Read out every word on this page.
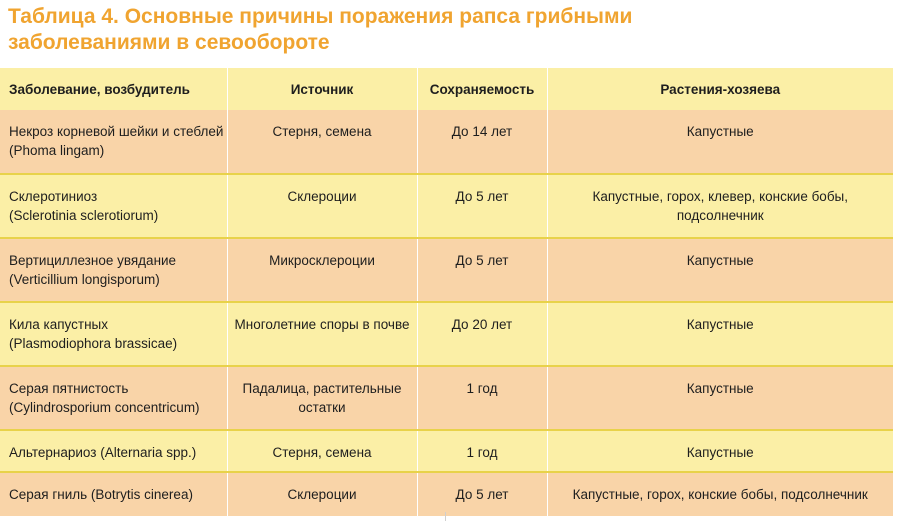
Таблица 4. Основные причины поражения рапса грибными
заболеваниями в севообороте
Заболевание, возбудитель	Источник	Сохраняемость	Растения-хозяева

Некроз корневой шейки и стеблей
(Phoma lingam)	Стерня, семена	До 14 лет	Капустные

Склеротиниоз
(Sclerotinia sclerotiorum)	Склероции	До 5 лет	Капустные, горох, клевер, конские бобы, подсолнечник

Вертициллезное увядание
(Verticillium longisporum)	Микросклероции	До 5 лет	Капустные

Кила капустных
(Plasmodiophora brassicae)	Многолетние споры в почве	До 20 лет	Капустные

Серая пятнистость
(Cylindrosporium concentricum)	Падалица, растительные
остатки	1 год	Капустные

Альтернариоз (Alternaria spp.)	Стерня, семена	1 год	Капустные

Серая гниль (Botrytis cinerea)	Склероции	До 5 лет	Капустные, горох, конские бобы, подсолнечник
